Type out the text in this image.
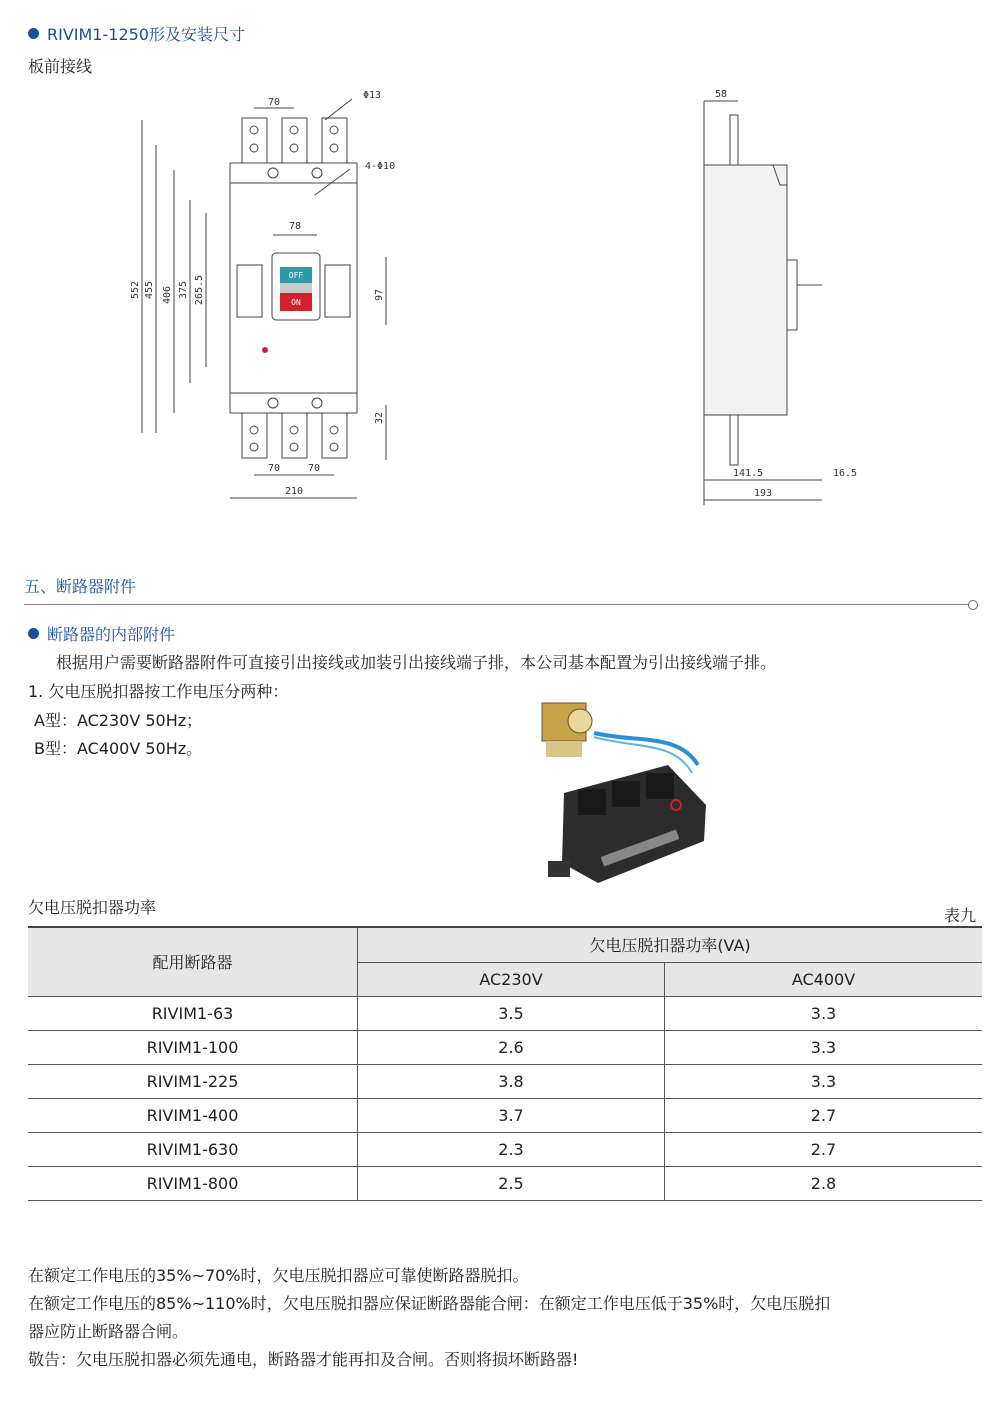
RIVIM1-1250形及安装尺寸
板前接线
OFF
ON
70
Φ13
4-Φ10
78
97
552 455 406 375 265.5
32
70	70
210
58
141.5	16.5
193
五、断路器附件
断路器的内部附件
根据用户需要断路器附件可直接引出接线或加装引出接线端子排，本公司基本配置为引出接线端子排。
1. 欠电压脱扣器按工作电压分两种：
A型：AC230V 50Hz；
B型：AC400V 50Hz。
欠电压脱扣器功率	表九
配用断路器	欠电压脱扣器功率(VA)	
	AC230V	AC400V
RIVIM1-63	3.5	3.3
RIVIM1-100	2.6	3.3
RIVIM1-225	3.8	3.3
RIVIM1-400	3.7	2.7
RIVIM1-630	2.3	2.7
RIVIM1-800	2.5	2.8
在额定工作电压的35%~70%时，欠电压脱扣器应可靠使断路器脱扣。
在额定工作电压的85%~110%时，欠电压脱扣器应保证断路器能合闸：在额定工作电压低于35%时，欠电压脱扣
器应防止断路器合闸。
敬告：欠电压脱扣器必须先通电，断路器才能再扣及合闸。否则将损坏断路器!
